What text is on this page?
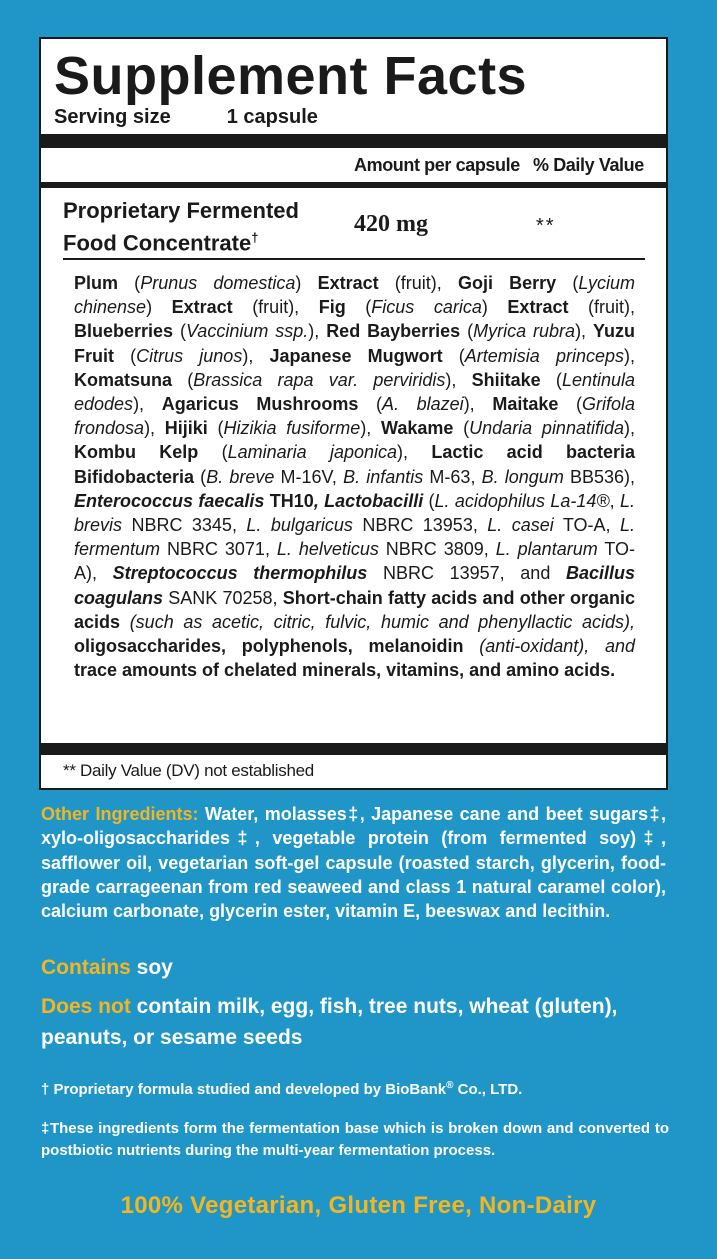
Supplement Facts
Serving size	1 capsule
Amount per capsule % Daily Value
Proprietary Fermented
Food Concentrate†
420 mg	**
Plum (Prunus domestica) Extract (fruit), Goji Berry (Lycium chinense) Extract (fruit), Fig (Ficus carica) Extract (fruit), Blueberries (Vaccinium ssp.), Red Bayberries (Myrica rubra), Yuzu Fruit (Citrus junos), Japanese Mugwort (Artemisia princeps), Komatsuna (Brassica rapa var. perviridis), Shiitake (Lentinula edodes), Agaricus Mushrooms (A. blazei), Maitake (Grifola frondosa), Hijiki (Hizikia fusiforme), Wakame (Undaria pinnatifida), Kombu Kelp (Laminaria japonica), Lactic acid bacteria Bifidobacteria (B. breve M-16V, B. infantis M-63, B. longum BB536), Enterococcus faecalis TH10, Lactobacilli (L. acidophilus La-14®, L. brevis NBRC 3345, L. bulgaricus NBRC 13953, L. casei TO-A, L. fermentum NBRC 3071, L. helveticus NBRC 3809, L. plantarum TO-A), Streptococcus thermophilus NBRC 13957, and Bacillus coagulans SANK 70258, Short-chain fatty acids and other organic acids (such as acetic, citric, fulvic, humic and phenyllactic acids), oligosaccharides, polyphenols, melanoidin (anti-oxidant), and trace amounts of chelated minerals, vitamins, and amino acids.
** Daily Value (DV) not established
Other Ingredients: Water, molasses‡, Japanese cane and beet sugars‡, xylo-oligosaccharides‡, vegetable protein (from fermented soy)‡, safflower oil, vegetarian soft-gel capsule (roasted starch, glycerin, food-grade carrageenan from red seaweed and class 1 natural caramel color), calcium carbonate, glycerin ester, vitamin E, beeswax and lecithin.
Contains soy
Does not contain milk, egg, fish, tree nuts, wheat (gluten), peanuts, or sesame seeds
† Proprietary formula studied and developed by BioBank® Co., LTD.
‡These ingredients form the fermentation base which is broken down and converted to postbiotic nutrients during the multi-year fermentation process.
100% Vegetarian, Gluten Free, Non-Dairy
